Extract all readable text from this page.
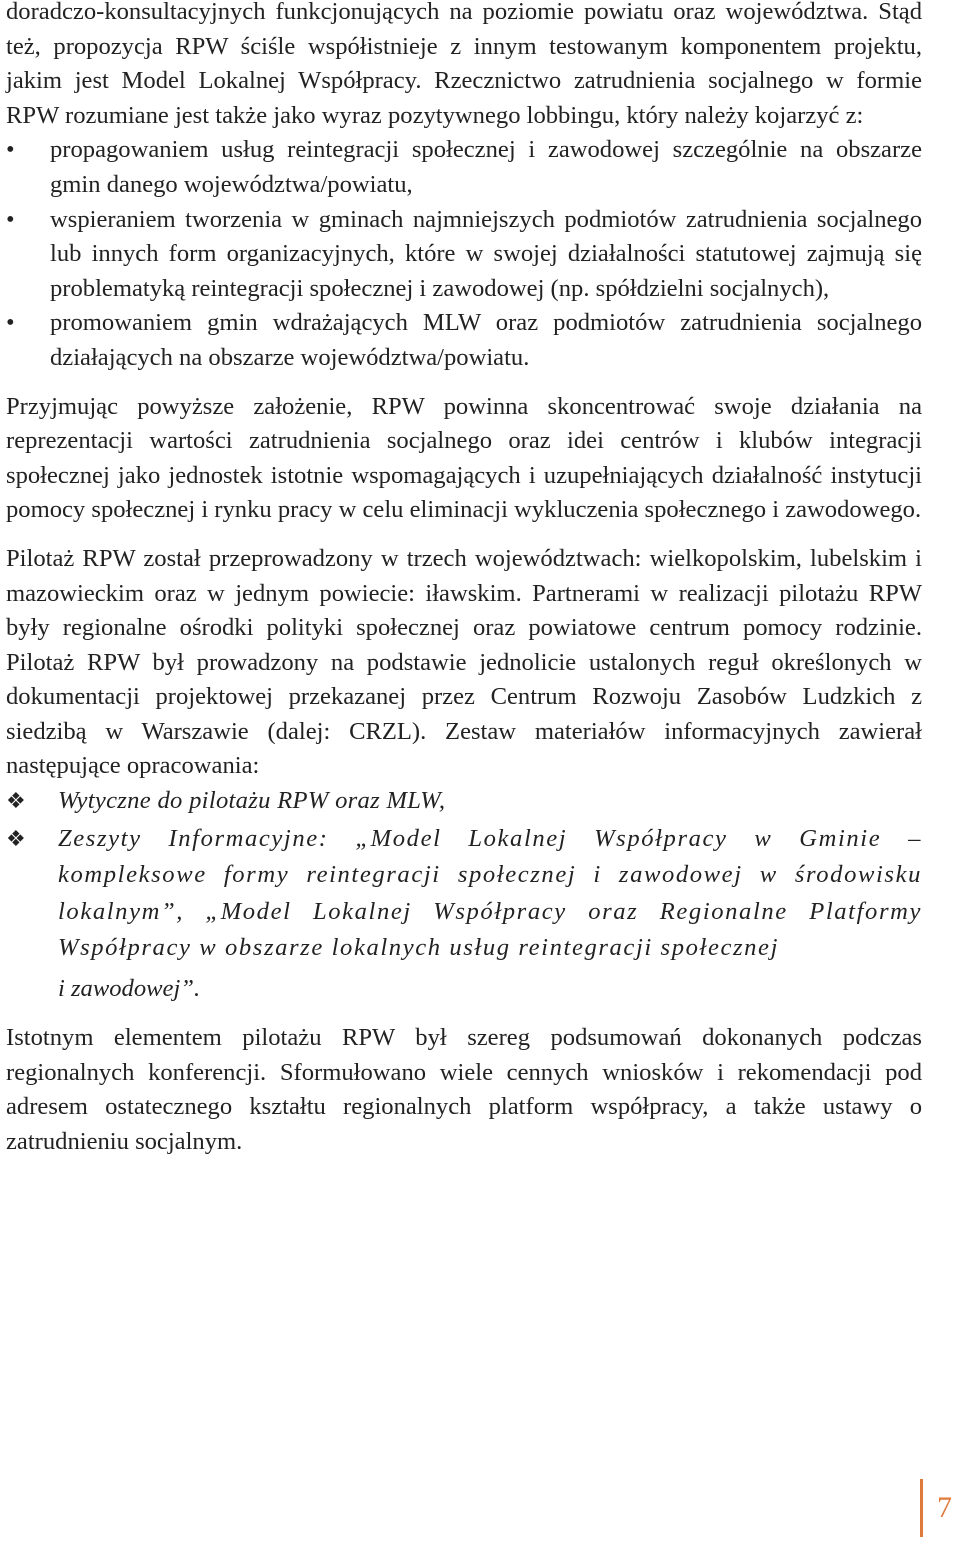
doradczo-konsultacyjnych funkcjonujących na poziomie powiatu oraz województwa. Stąd też, propozycja RPW ściśle współistnieje z innym testowanym komponentem projektu, jakim jest Model Lokalnej Współpracy. Rzecznictwo zatrudnienia socjalnego w formie RPW rozumiane jest także jako wyraz pozytywnego lobbingu, który należy kojarzyć z:

• propagowaniem usług reintegracji społecznej i zawodowej szczególnie na obszarze gmin danego województwa/powiatu,
• wspieraniem tworzenia w gminach najmniejszych podmiotów zatrudnienia socjalnego lub innych form organizacyjnych, które w swojej działalności statutowej zajmują się problematyką reintegracji społecznej i zawodowej (np. spółdzielni socjalnych),
• promowaniem gmin wdrażających MLW oraz podmiotów zatrudnienia socjalnego działających na obszarze województwa/powiatu.

Przyjmując powyższe założenie, RPW powinna skoncentrować swoje działania na reprezentacji wartości zatrudnienia socjalnego oraz idei centrów i klubów integracji społecznej jako jednostek istotnie wspomagających i uzupełniających działalność instytucji pomocy społecznej i rynku pracy w celu eliminacji wykluczenia społecznego i zawodowego.

Pilotaż RPW został przeprowadzony w trzech województwach: wielkopolskim, lubelskim i mazowieckim oraz w jednym powiecie: iławskim. Partnerami w realizacji pilotażu RPW były regionalne ośrodki polityki społecznej oraz powiatowe centrum pomocy rodzinie. Pilotaż RPW był prowadzony na podstawie jednolicie ustalonych reguł określonych w dokumentacji projektowej przekazanej przez Centrum Rozwoju Zasobów Ludzkich z siedzibą w Warszawie (dalej: CRZL). Zestaw materiałów informacyjnych zawierał następujące opracowania:

❖ Wytyczne do pilotażu RPW oraz MLW,
❖ Zeszyty Informacyjne: „Model Lokalnej Współpracy w Gminie – kompleksowe formy reintegracji społecznej i zawodowej w środowisku lokalnym”, „Model Lokalnej Współpracy oraz Regionalne Platformy Współpracy w obszarze lokalnych usług reintegracji społecznej
i zawodowej”.

Istotnym elementem pilotażu RPW był szereg podsumowań dokonanych podczas regionalnych konferencji. Sformułowano wiele cennych wniosków i rekomendacji pod adresem ostatecznego kształtu regionalnych platform współpracy, a także ustawy o zatrudnieniu socjalnym.

7
